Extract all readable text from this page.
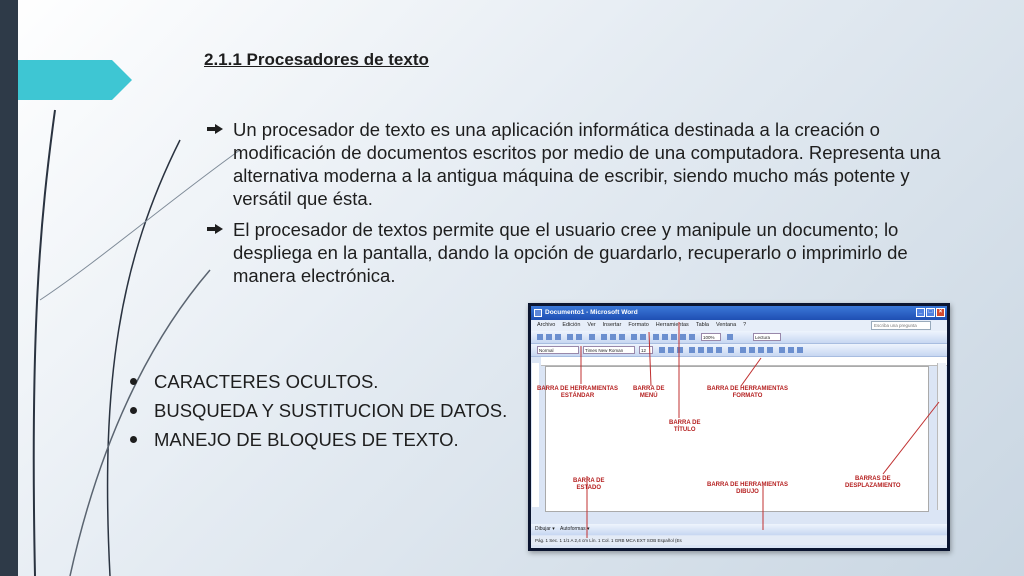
2.1.1 Procesadores de texto
Un procesador de texto es una aplicación informática destinada a la creación o modificación de documentos escritos por medio de una computadora. Representa una alternativa moderna a la antigua máquina de escribir, siendo mucho más potente y versátil que ésta.
El procesador de textos permite que el usuario cree y manipule un documento; lo despliega en la pantalla, dando la opción de guardarlo, recuperarlo o imprimirlo de manera electrónica.
CARACTERES OCULTOS.
BUSQUEDA Y SUSTITUCION DE DATOS.
MANEJO DE BLOQUES DE TEXTO.
Documento1 - Microsoft Word	_	□	×
Archivo Edición Ver Insertar Formato Herramientas Tabla Ventana ?	Escriba una pregunta
100%	Lectura
Normal	Times New Roman	12
Dibujar ▾ Autoformas ▾
Pág. 1 Sec. 1 1/1 A 2,4 cm Lín. 1 Col. 1 GRB MCA EXT SOB Español (Es
BARRA DE HERRAMIENTAS
ESTÁNDAR
BARRA DE
MENÚ
BARRA DE HERRAMIENTAS
FORMATO
BARRA DE
TÍTULO
BARRA DE
ESTADO	BARRA DE HERRAMIENTAS
DIBUJO
BARRAS DE
DESPLAZAMIENTO
